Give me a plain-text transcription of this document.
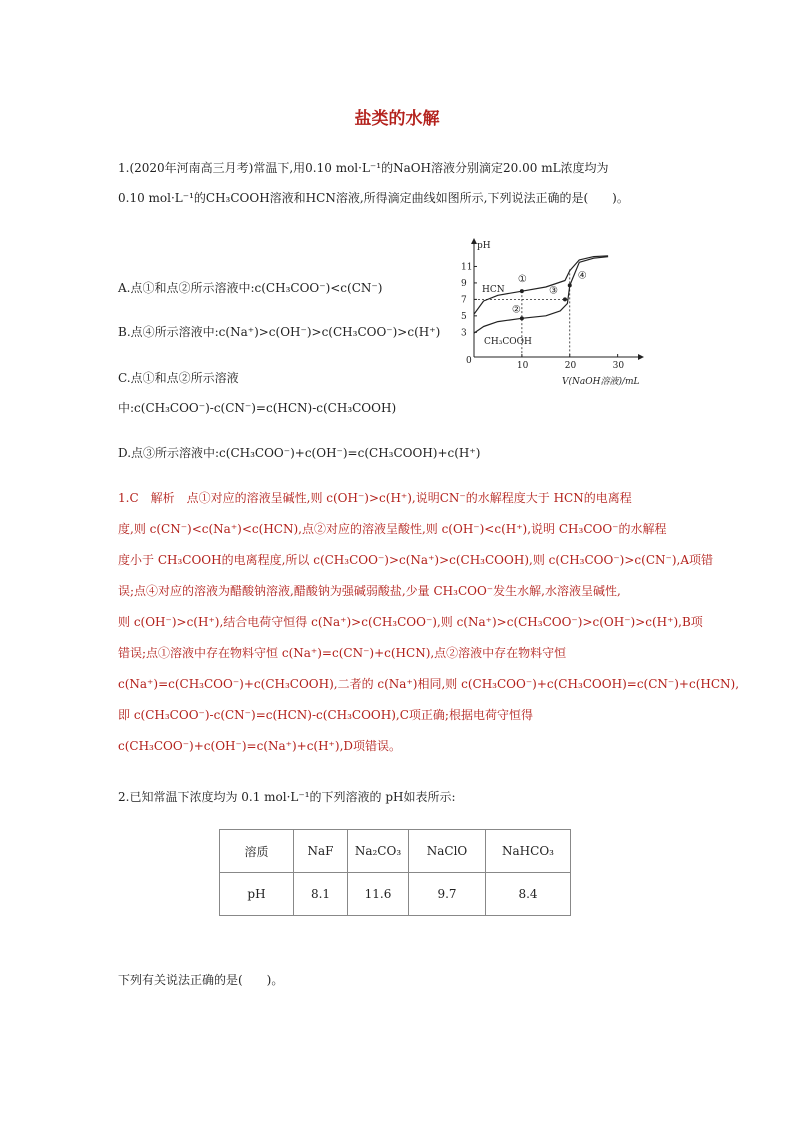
盐类的水解
1.(2020年河南高三月考)常温下,用0.10 mol·L⁻¹的NaOH溶液分别滴定20.00 mL浓度均为
0.10 mol·L⁻¹的CH₃COOH溶液和HCN溶液,所得滴定曲线如图所示,下列说法正确的是(　　)。
A.点①和点②所示溶液中:c(CH₃COO⁻)<c(CN⁻)
B.点④所示溶液中:c(Na⁺)>c(OH⁻)>c(CH₃COO⁻)>c(H⁺)
C.点①和点②所示溶液
中:c(CH₃COO⁻)-c(CN⁻)=c(HCN)-c(CH₃COOH)
D.点③所示溶液中:c(CH₃COO⁻)+c(OH⁻)=c(CH₃COOH)+c(H⁺)
pH
V(NaOH溶液)/mL
0
HCN
CH₃COOH
10	20	30
3
5
7
9
11
①
②
③
④
1.C　解析　点①对应的溶液呈碱性,则 c(OH⁻)>c(H⁺),说明CN⁻的水解程度大于 HCN的电离程
度,则 c(CN⁻)<c(Na⁺)<c(HCN),点②对应的溶液呈酸性,则 c(OH⁻)<c(H⁺),说明 CH₃COO⁻的水解程
度小于 CH₃COOH的电离程度,所以 c(CH₃COO⁻)>c(Na⁺)>c(CH₃COOH),则 c(CH₃COO⁻)>c(CN⁻),A项错
误;点④对应的溶液为醋酸钠溶液,醋酸钠为强碱弱酸盐,少量 CH₃COO⁻发生水解,水溶液呈碱性,
则 c(OH⁻)>c(H⁺),结合电荷守恒得 c(Na⁺)>c(CH₃COO⁻),则 c(Na⁺)>c(CH₃COO⁻)>c(OH⁻)>c(H⁺),B项
错误;点①溶液中存在物料守恒 c(Na⁺)=c(CN⁻)+c(HCN),点②溶液中存在物料守恒
c(Na⁺)=c(CH₃COO⁻)+c(CH₃COOH),二者的 c(Na⁺)相同,则 c(CH₃COO⁻)+c(CH₃COOH)=c(CN⁻)+c(HCN),
即 c(CH₃COO⁻)-c(CN⁻)=c(HCN)-c(CH₃COOH),C项正确;根据电荷守恒得
c(CH₃COO⁻)+c(OH⁻)=c(Na⁺)+c(H⁺),D项错误。
2.已知常温下浓度均为 0.1 mol·L⁻¹的下列溶液的 pH如表所示:
溶质	NaF	Na₂CO₃	NaClO	NaHCO₃
pH	8.1	11.6	9.7	8.4
下列有关说法正确的是(　　)。
